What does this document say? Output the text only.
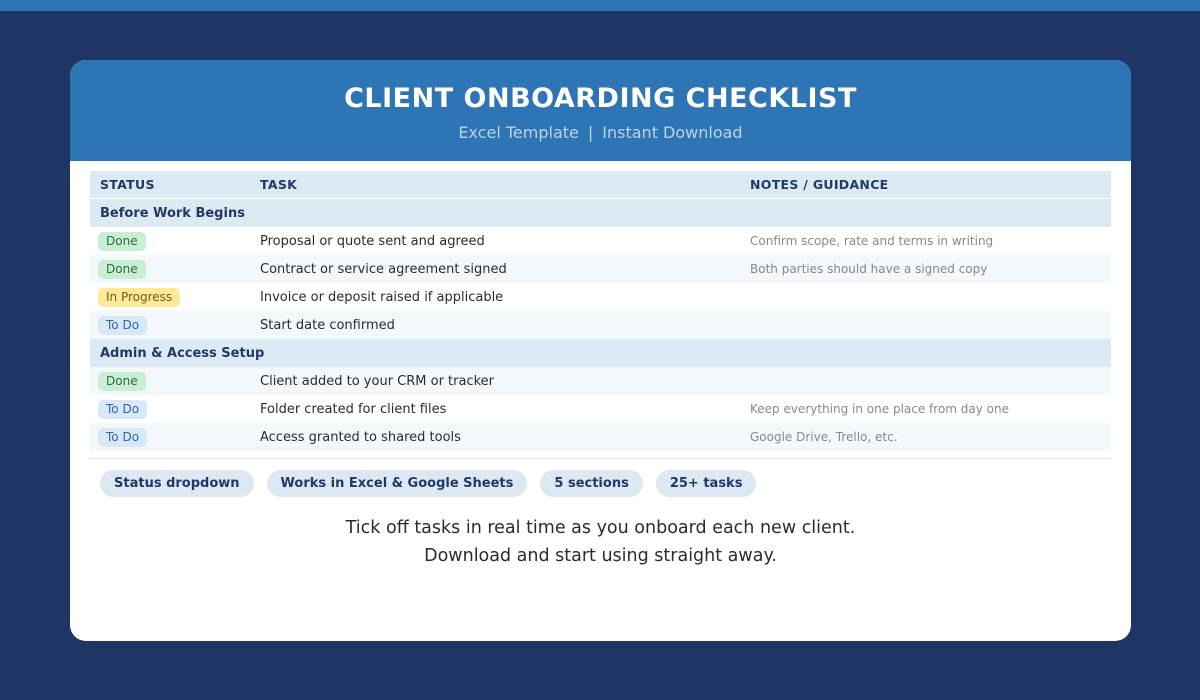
CLIENT ONBOARDING CHECKLIST
Excel Template | Instant Download
STATUS	TASK	NOTES / GUIDANCE
Before Work Begins
Done	Proposal or quote sent and agreed	Confirm scope, rate and terms in writing
Done	Contract or service agreement signed	Both parties should have a signed copy
In Progress	Invoice or deposit raised if applicable
To Do	Start date confirmed
Admin & Access Setup
Done	Client added to your CRM or tracker
To Do	Folder created for client files	Keep everything in one place from day one
To Do	Access granted to shared tools	Google Drive, Trello, etc.
Status dropdown	Works in Excel & Google Sheets	5 sections	25+ tasks
Tick off tasks in real time as you onboard each new client.
Download and start using straight away.
